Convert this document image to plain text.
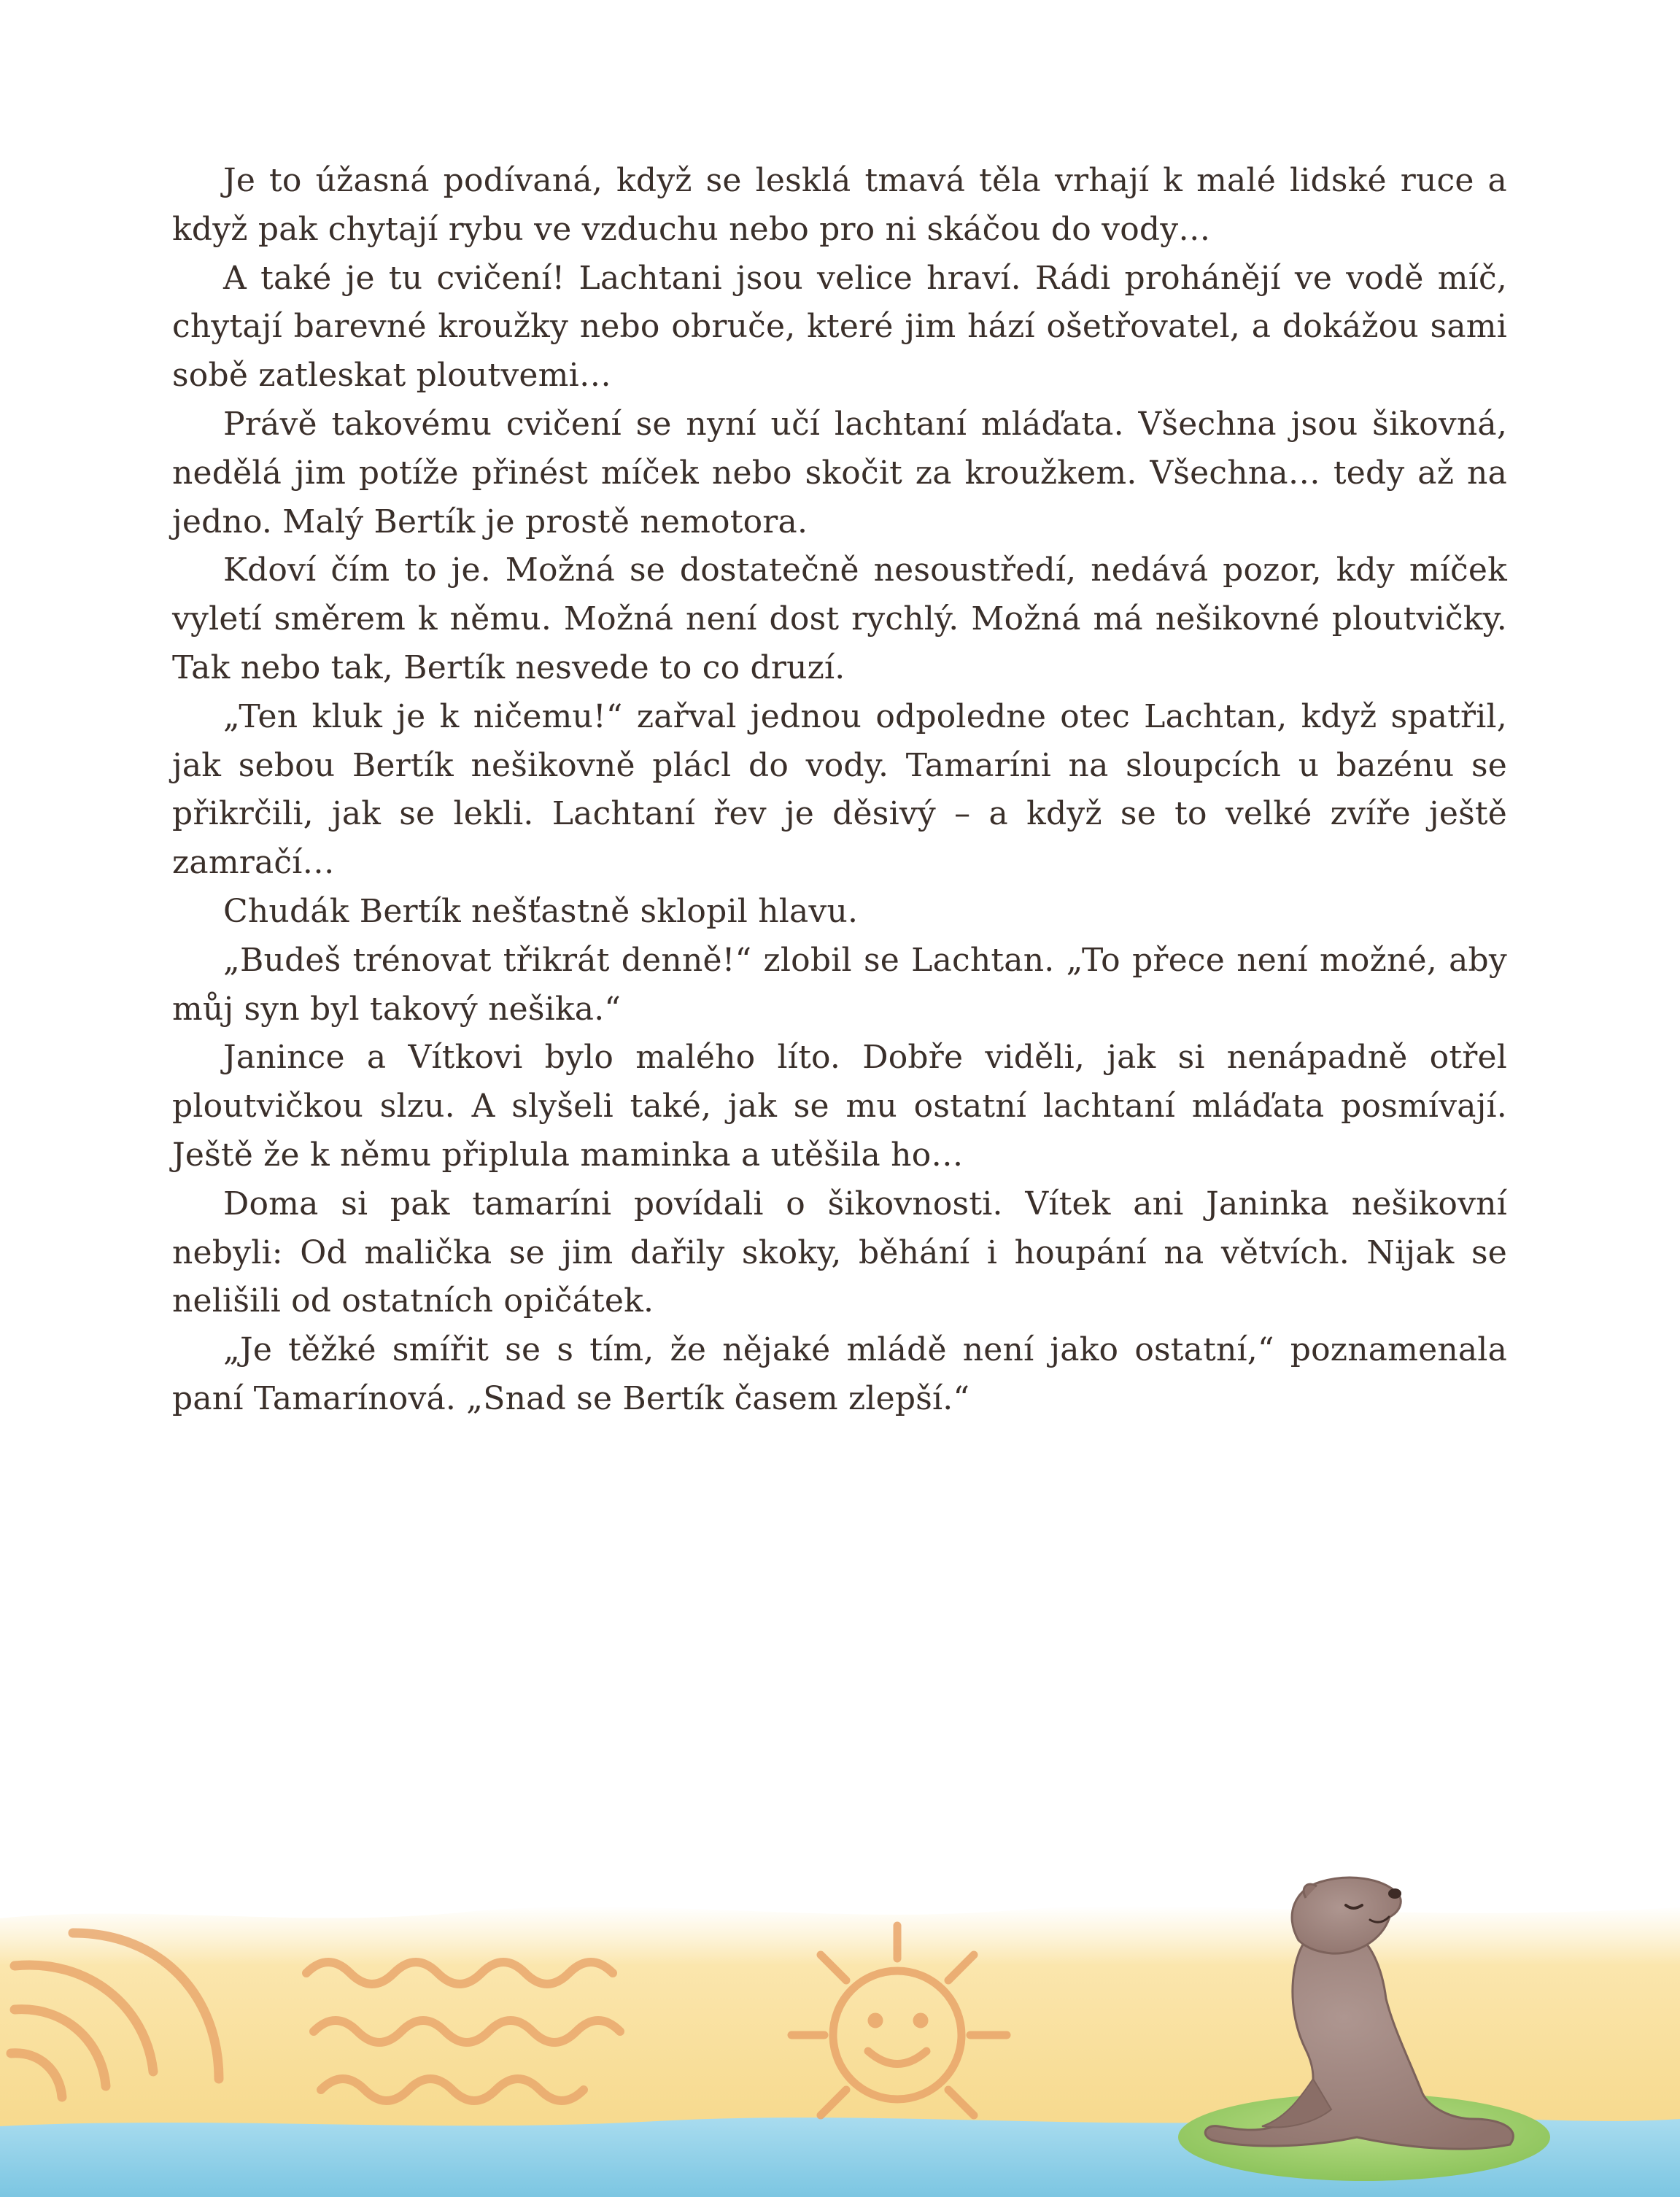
Je to úžasná podívaná, když se lesklá tmavá těla vrhají k malé lidské ruce a když pak chytají rybu ve vzduchu nebo pro ni skáčou do vody…

A také je tu cvičení! Lachtani jsou velice hraví. Rádi prohánějí ve vodě míč, chytají barevné kroužky nebo obruče, které jim hází ošetřovatel, a dokážou sami sobě zatleskat ploutvemi…

Právě takovému cvičení se nyní učí lachtaní mláďata. Všechna jsou šikovná, nedělá jim potíže přinést míček nebo skočit za kroužkem. Všechna… tedy až na jedno. Malý Bertík je prostě nemotora.

Kdoví čím to je. Možná se dostatečně nesoustředí, nedává pozor, kdy míček vyletí směrem k němu. Možná není dost rychlý. Možná má nešikovné ploutvičky. Tak nebo tak, Bertík nesvede to co druzí.

„Ten kluk je k ničemu!“ zařval jednou odpoledne otec Lachtan, když spatřil, jak sebou Bertík nešikovně plácl do vody. Tamaríni na sloupcích u bazénu se přikrčili, jak se lekli. Lachtaní řev je děsivý – a když se to velké zvíře ještě zamračí…

Chudák Bertík nešťastně sklopil hlavu.

„Budeš trénovat třikrát denně!“ zlobil se Lachtan. „To přece není možné, aby můj syn byl takový nešika.“

Janince a Vítkovi bylo malého líto. Dobře viděli, jak si nenápadně otřel ploutvičkou slzu. A slyšeli také, jak se mu ostatní lachtaní mláďata posmívají. Ještě že k němu připlula maminka a utěšila ho…

Doma si pak tamaríni povídali o šikovnosti. Vítek ani Janinka nešikovní nebyli: Od malička se jim dařily skoky, běhání i houpání na větvích. Nijak se nelišili od ostatních opičátek.

„Je těžké smířit se s tím, že nějaké mládě není jako ostatní,“ poznamenala paní Tamarínová. „Snad se Bertík časem zlepší.“
